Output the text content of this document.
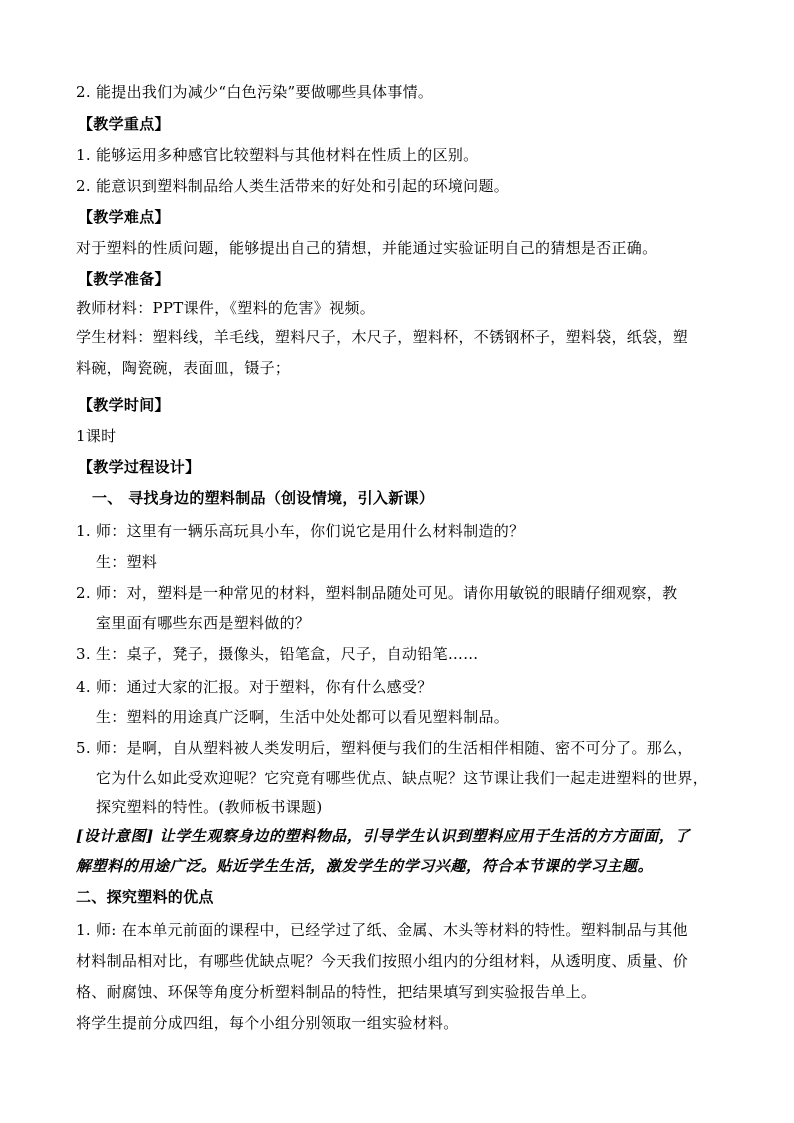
2. 能提出我们为减少“白色污染”要做哪些具体事情。
【教学重点】
1. 能够运用多种感官比较塑料与其他材料在性质上的区别。
2. 能意识到塑料制品给人类生活带来的好处和引起的环境问题。
【教学难点】
对于塑料的性质问题，能够提出自己的猜想，并能通过实验证明自己的猜想是否正确。
【教学准备】
教师材料：PPT课件，《塑料的危害》视频。
学生材料：塑料线，羊毛线，塑料尺子，木尺子，塑料杯，不锈钢杯子，塑料袋，纸袋，塑
料碗，陶瓷碗，表面皿，镊子；
【教学时间】
1课时
【教学过程设计】
一、 寻找身边的塑料制品（创设情境，引入新课）
1. 师：这里有一辆乐高玩具小车，你们说它是用什么材料制造的？
生：塑料
2. 师：对，塑料是一种常见的材料，塑料制品随处可见。请你用敏锐的眼睛仔细观察，教
室里面有哪些东西是塑料做的？
3. 生：桌子，凳子，摄像头，铅笔盒，尺子，自动铅笔……
4. 师：通过大家的汇报。对于塑料，你有什么感受？
生：塑料的用途真广泛啊，生活中处处都可以看见塑料制品。
5. 师：是啊，自从塑料被人类发明后，塑料便与我们的生活相伴相随、密不可分了。那么，
它为什么如此受欢迎呢？它究竟有哪些优点、缺点呢？这节课让我们一起走进塑料的世界，
探究塑料的特性。(教师板书课题)
[设计意图] 让学生观察身边的塑料物品，引导学生认识到塑料应用于生活的方方面面，了
解塑料的用途广泛。贴近学生生活，激发学生的学习兴趣，符合本节课的学习主题。
二、探究塑料的优点
1. 师: 在本单元前面的课程中，已经学过了纸、金属、木头等材料的特性。塑料制品与其他
材料制品相对比，有哪些优缺点呢？今天我们按照小组内的分组材料，从透明度、质量、价
格、耐腐蚀、环保等角度分析塑料制品的特性，把结果填写到实验报告单上。
将学生提前分成四组，每个小组分别领取一组实验材料。
